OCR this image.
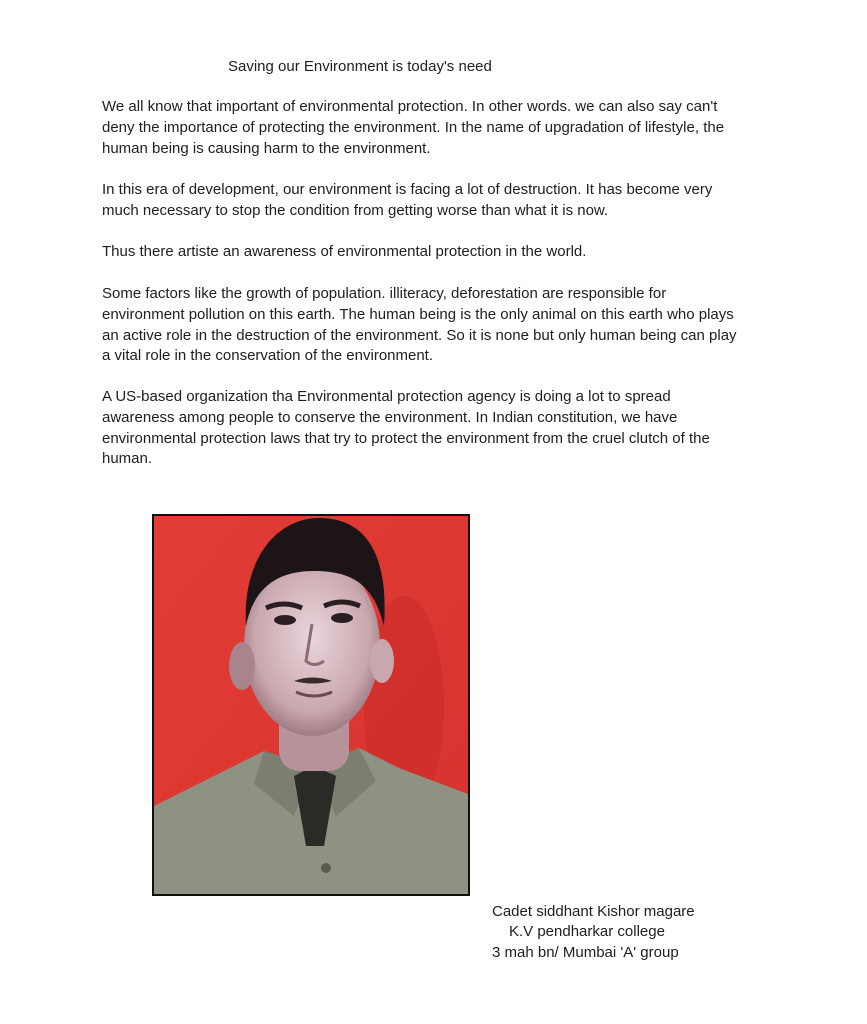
Saving our Environment is today's need

We all know that important of environmental protection. In other words. we can also say can't
deny the importance of protecting the environment. In the name of upgradation of lifestyle, the
human being is causing harm to the environment.

In this era of development, our environment is facing a lot of destruction. It has become very
much necessary to stop the condition from getting worse than what it is now.

Thus there artiste an awareness of environmental protection in the world.

Some factors like the growth of population. illiteracy, deforestation are responsible for
environment pollution on this earth. The human being is the only animal on this earth who plays
an active role in the destruction of the environment. So it is none but only human being can play
a vital role in the conservation of the environment.

A US-based organization tha Environmental protection agency is doing a lot to spread
awareness among people to conserve the environment. In Indian constitution, we have
environmental protection laws that try to protect the environment from the cruel clutch of the
human.

Cadet siddhant Kishor magare
K.V pendharkar college
3 mah bn/ Mumbai 'A' group
